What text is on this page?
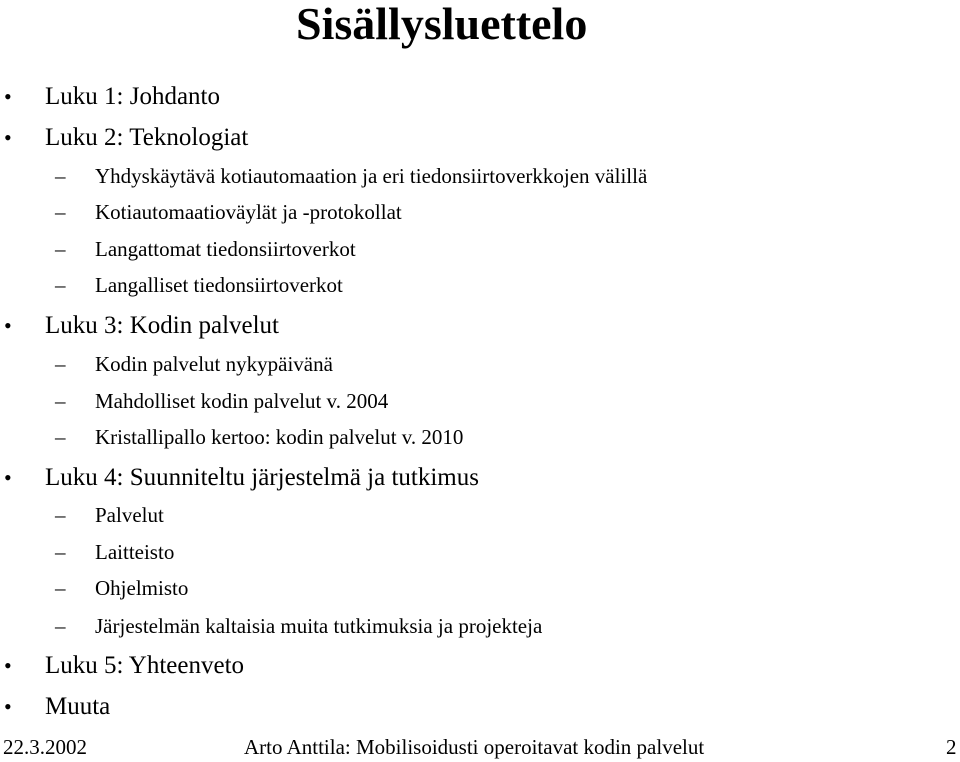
Sisällysluettelo
• Luku 1: Johdanto
• Luku 2: Teknologiat
– Yhdyskäytävä kotiautomaation ja eri tiedonsiirtoverkkojen välillä
– Kotiautomaatioväylät ja -protokollat
– Langattomat tiedonsiirtoverkot
– Langalliset tiedonsiirtoverkot
• Luku 3: Kodin palvelut
– Kodin palvelut nykypäivänä
– Mahdolliset kodin palvelut v. 2004
– Kristallipallo kertoo: kodin palvelut v. 2010
• Luku 4: Suunniteltu järjestelmä ja tutkimus
– Palvelut
– Laitteisto
– Ohjelmisto
– Järjestelmän kaltaisia muita tutkimuksia ja projekteja
• Luku 5: Yhteenveto
• Muuta
22.3.2002	Arto Anttila: Mobilisoidusti operoitavat kodin palvelut	2
